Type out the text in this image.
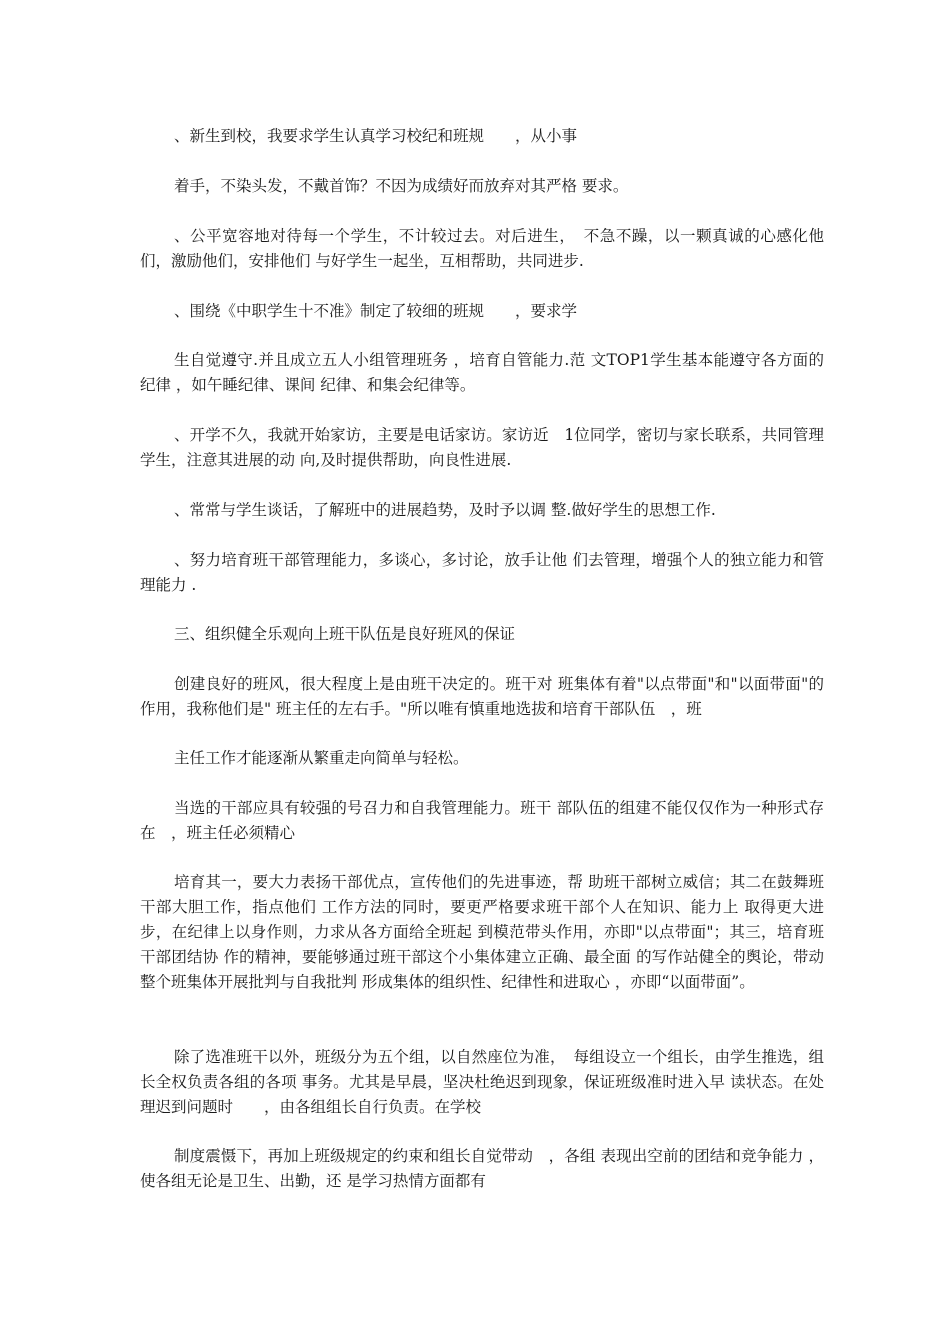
、新生到校，我要求学生认真学习校纪和班规　　，从小事

着手，不染头发，不戴首饰？不因为成绩好而放弃对其严格 要求。

、公平宽容地对待每一个学生，不计较过去。对后进生，　不急不躁，以一颗真诚的心感化他们，激励他们，安排他们 与好学生一起坐，互相帮助，共同进步.

、围绕《中职学生十不准》制定了较细的班规　　，要求学

生自觉遵守.并且成立五人小组管理班务 ，培育自管能力.范 文TOP1学生基本能遵守各方面的纪律 ，如午睡纪律、课间 纪律、和集会纪律等。

、开学不久，我就开始家访，主要是电话家访。家访近　1位同学，密切与家长联系，共同管理学生，注意其进展的动 向,及时提供帮助，向良性进展.

、常常与学生谈话，了解班中的进展趋势，及时予以调 整.做好学生的思想工作.

、努力培育班干部管理能力，多谈心，多讨论，放手让他 们去管理，增强个人的独立能力和管理能力 .

三、组织健全乐观向上班干队伍是良好班风的保证

创建良好的班风，很大程度上是由班干决定的。班干对 班集体有着"以点带面"和"以面带面"的作用，我称他们是" 班主任的左右手。"所以唯有慎重地选拔和培育干部队伍　，班

主任工作才能逐渐从繁重走向简单与轻松。

当选的干部应具有较强的号召力和自我管理能力。班干 部队伍的组建不能仅仅作为一种形式存在　，班主任必须精心

培育其一，要大力表扬干部优点，宣传他们的先进事迹，帮 助班干部树立威信；其二在鼓舞班干部大胆工作，指点他们 工作方法的同时，要更严格要求班干部个人在知识、能力上 取得更大进步，在纪律上以身作则，力求从各方面给全班起 到模范带头作用，亦即"以点带面"；其三，培育班干部团结协 作的精神，要能够通过班干部这个小集体建立正确、最全面 的写作站健全的舆论，带动整个班集体开展批判与自我批判 形成集体的组织性、纪律性和进取心 ，亦即“以面带面”。

除了选准班干以外，班级分为五个组，以自然座位为准，　每组设立一个组长，由学生推选，组长全权负责各组的各项 事务。尤其是早晨，坚决杜绝迟到现象，保证班级准时进入早 读状态。在处理迟到问题时　　，由各组组长自行负责。在学校

制度震慑下，再加上班级规定的约束和组长自觉带动　，各组 表现出空前的团结和竞争能力 ，使各组无论是卫生、出勤，还 是学习热情方面都有
